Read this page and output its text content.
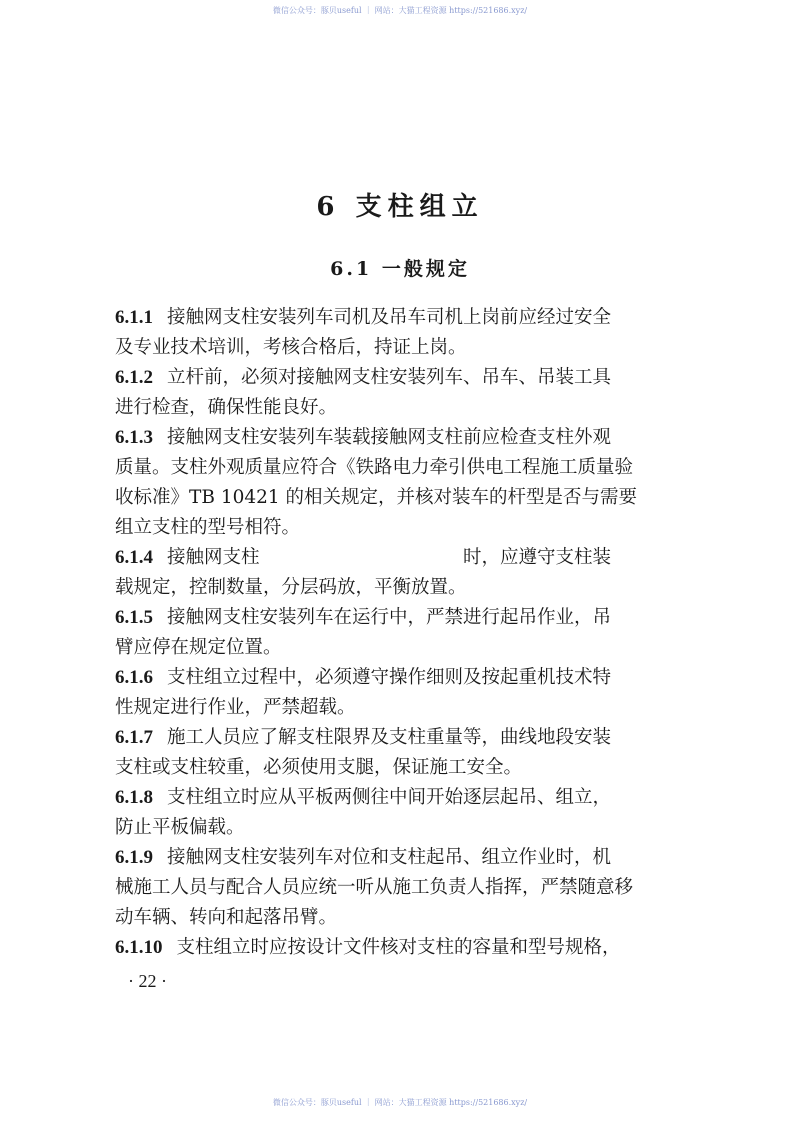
微信公众号：豚贝useful ｜ 网站：大猫工程资源 https://521686.xyz/
6 支柱组立
6.1 一般规定
6.1.1 接触网支柱安装列车司机及吊车司机上岗前应经过安全
及专业技术培训，考核合格后，持证上岗。
6.1.2 立杆前，必须对接触网支柱安装列车、吊车、吊装工具
进行检查，确保性能良好。
6.1.3 接触网支柱安装列车装载接触网支柱前应检查支柱外观
质量。支柱外观质量应符合《铁路电力牵引供电工程施工质量验
收标准》TB 10421 的相关规定，并核对装车的杆型是否与需要
组立支柱的型号相符。
6.1.4 接触网支柱　　　　　　　　　　　时，应遵守支柱装
载规定，控制数量，分层码放，平衡放置。
6.1.5 接触网支柱安装列车在运行中，严禁进行起吊作业，吊
臂应停在规定位置。
6.1.6 支柱组立过程中，必须遵守操作细则及按起重机技术特
性规定进行作业，严禁超载。
6.1.7 施工人员应了解支柱限界及支柱重量等，曲线地段安装
支柱或支柱较重，必须使用支腿，保证施工安全。
6.1.8 支柱组立时应从平板两侧往中间开始逐层起吊、组立，
防止平板偏载。
6.1.9 接触网支柱安装列车对位和支柱起吊、组立作业时，机
械施工人员与配合人员应统一听从施工负责人指挥，严禁随意移
动车辆、转向和起落吊臂。
6.1.10 支柱组立时应按设计文件核对支柱的容量和型号规格，
· 22 ·
微信公众号：豚贝useful ｜ 网站：大猫工程资源 https://521686.xyz/
